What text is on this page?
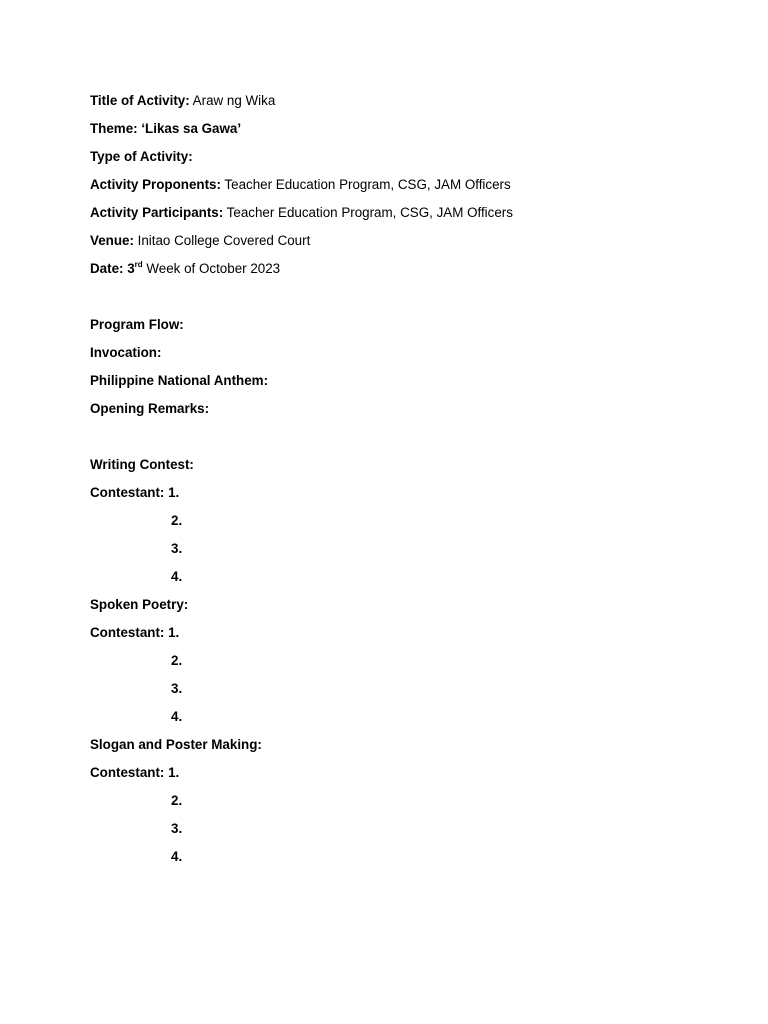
Title of Activity: Araw ng Wika
Theme: ‘Likas sa Gawa’
Type of Activity:
Activity Proponents: Teacher Education Program, CSG, JAM Officers
Activity Participants: Teacher Education Program, CSG, JAM Officers
Venue: Initao College Covered Court
Date: 3rd Week of October 2023
Program Flow:
Invocation:
Philippine National Anthem:
Opening Remarks:
Writing Contest:
Contestant: 1.
2.
3.
4.
Spoken Poetry:
Contestant: 1.
2.
3.
4.
Slogan and Poster Making:
Contestant: 1.
2.
3.
4.
